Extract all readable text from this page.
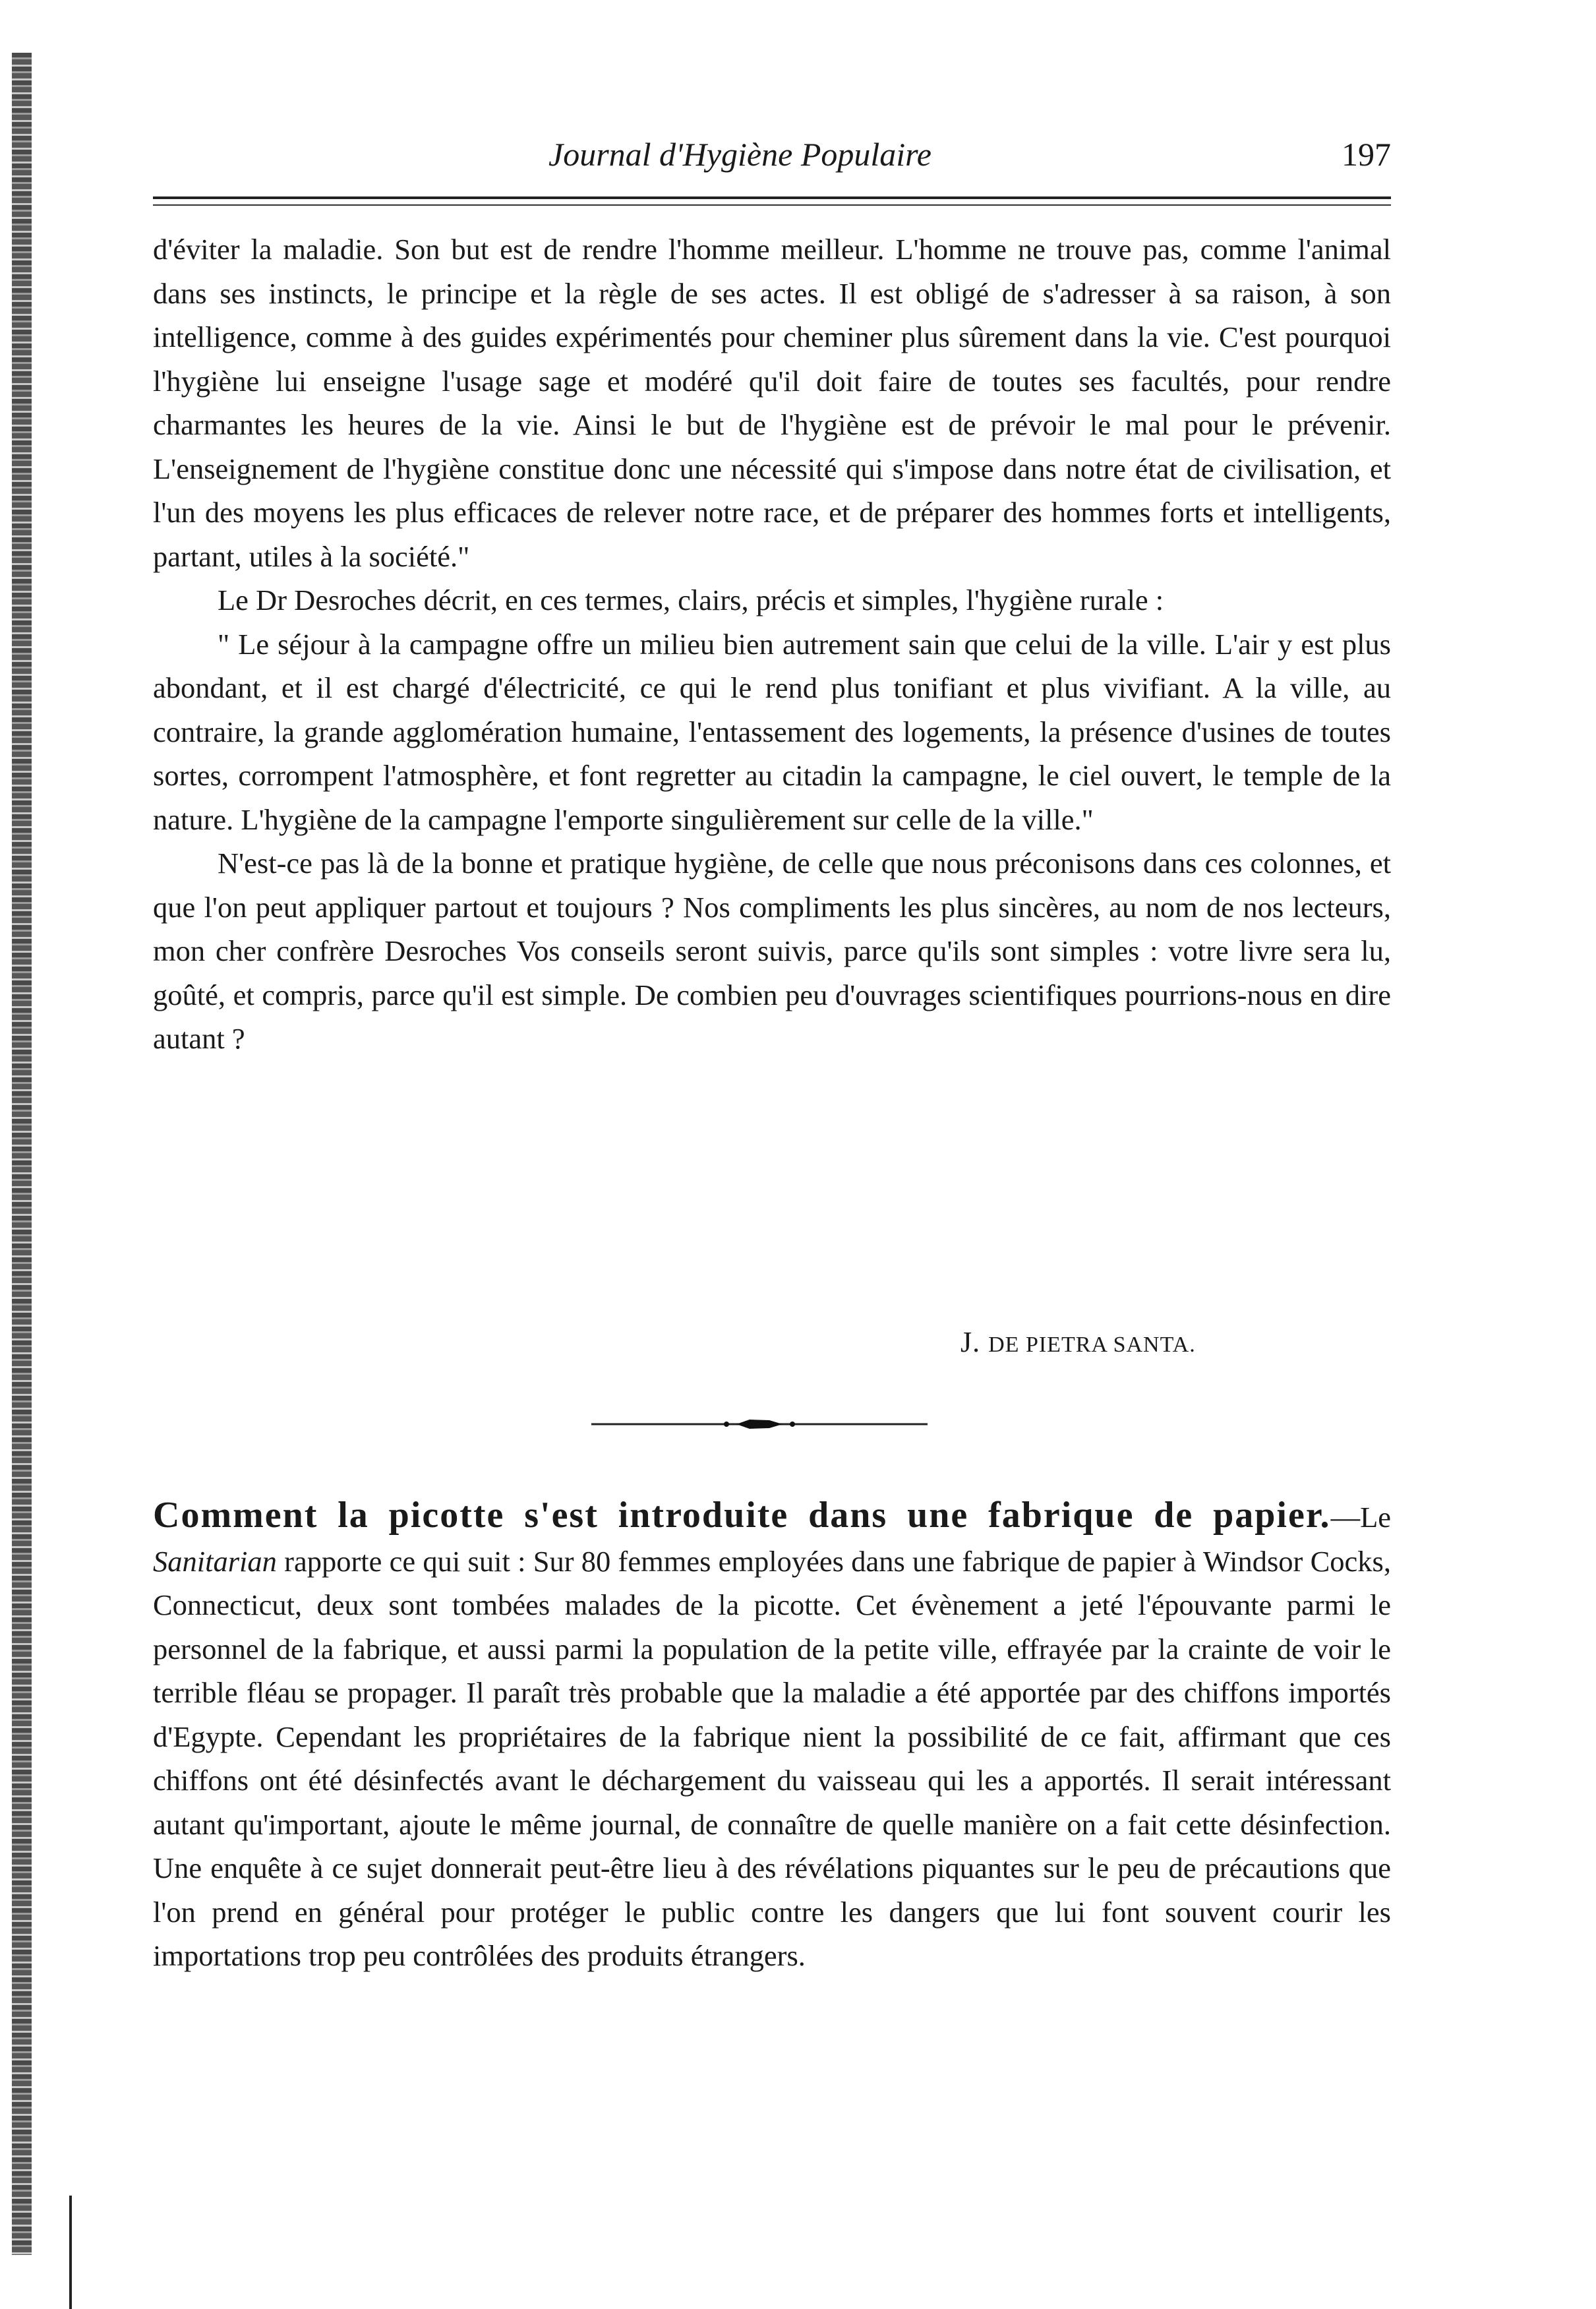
Journal d'Hygiène Populaire	197

d'éviter la maladie. Son but est de rendre l'homme meilleur. L'homme ne trouve pas, comme l'animal dans ses instincts, le principe et la règle de ses actes. Il est obligé de s'adresser à sa raison, à son intelligence, comme à des guides expérimentés pour cheminer plus sûrement dans la vie. C'est pourquoi l'hygiène lui enseigne l'usage sage et modéré qu'il doit faire de toutes ses facultés, pour rendre charmantes les heures de la vie. Ainsi le but de l'hygiène est de prévoir le mal pour le prévenir. L'enseignement de l'hygiène constitue donc une nécessité qui s'impose dans notre état de civilisation, et l'un des moyens les plus efficaces de relever notre race, et de préparer des hommes forts et intelligents, partant, utiles à la société."

Le Dr Desroches décrit, en ces termes, clairs, précis et simples, l'hygiène rurale :

" Le séjour à la campagne offre un milieu bien autrement sain que celui de la ville. L'air y est plus abondant, et il est chargé d'électricité, ce qui le rend plus tonifiant et plus vivifiant. A la ville, au contraire, la grande agglomération humaine, l'entassement des logements, la présence d'usines de toutes sortes, corrompent l'atmosphère, et font regretter au citadin la campagne, le ciel ouvert, le temple de la nature. L'hygiène de la campagne l'emporte singulièrement sur celle de la ville."

N'est-ce pas là de la bonne et pratique hygiène, de celle que nous préconisons dans ces colonnes, et que l'on peut appliquer partout et toujours ? Nos compliments les plus sincères, au nom de nos lecteurs, mon cher confrère Desroches Vos conseils seront suivis, parce qu'ils sont simples : votre livre sera lu, goûté, et compris, parce qu'il est simple. De combien peu d'ouvrages scientifiques pourrions-nous en dire autant ?

J. DE PIETRA SANTA.

Comment la picotte s'est introduite dans une fabrique de papier.—Le Sanitarian rapporte ce qui suit : Sur 80 femmes employées dans une fabrique de papier à Windsor Cocks, Connecticut, deux sont tombées malades de la picotte. Cet évènement a jeté l'épouvante parmi le personnel de la fabrique, et aussi parmi la population de la petite ville, effrayée par la crainte de voir le terrible fléau se propager. Il paraît très probable que la maladie a été apportée par des chiffons importés d'Egypte. Cependant les propriétaires de la fabrique nient la possibilité de ce fait, affirmant que ces chiffons ont été désinfectés avant le déchargement du vaisseau qui les a apportés. Il serait intéressant autant qu'important, ajoute le même journal, de connaître de quelle manière on a fait cette désinfection. Une enquête à ce sujet donnerait peut-être lieu à des révélations piquantes sur le peu de précautions que l'on prend en général pour protéger le public contre les dangers que lui font souvent courir les importations trop peu contrôlées des produits étrangers.
